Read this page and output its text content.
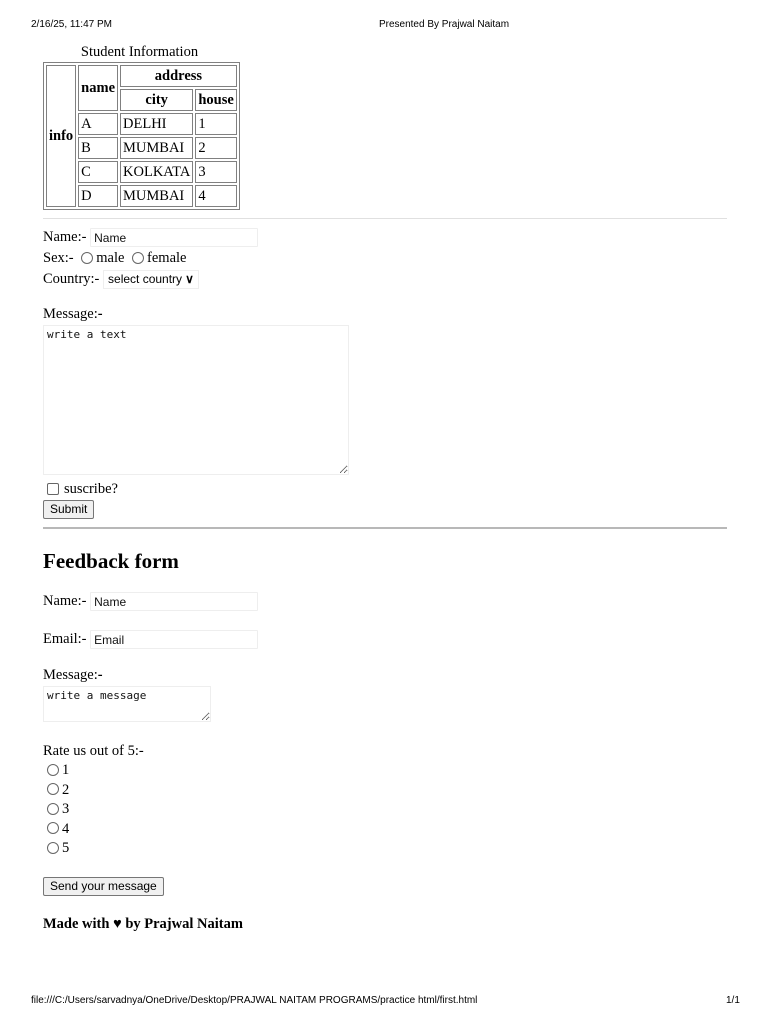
2/16/25, 11:47 PM	Presented By Prajwal Naitam
Student Information
info	name	address	
		city	house
	A	DELHI	1
	B	MUMBAI	2
	C	KOLKATA	3
	D	MUMBAI	4
Name:- Name
Sex:- male female
Country:- select country ∨
Message:-
write a text
suscribe?
Submit
Feedback form
Name:- Name
Email:- Email
Message:-
write a message
Rate us out of 5:-
1
2
3
4
5
Send your message
Made with ♥ by Prajwal Naitam
file:///C:/Users/sarvadnya/OneDrive/Desktop/PRAJWAL NAITAM PROGRAMS/practice html/first.html	1/1
